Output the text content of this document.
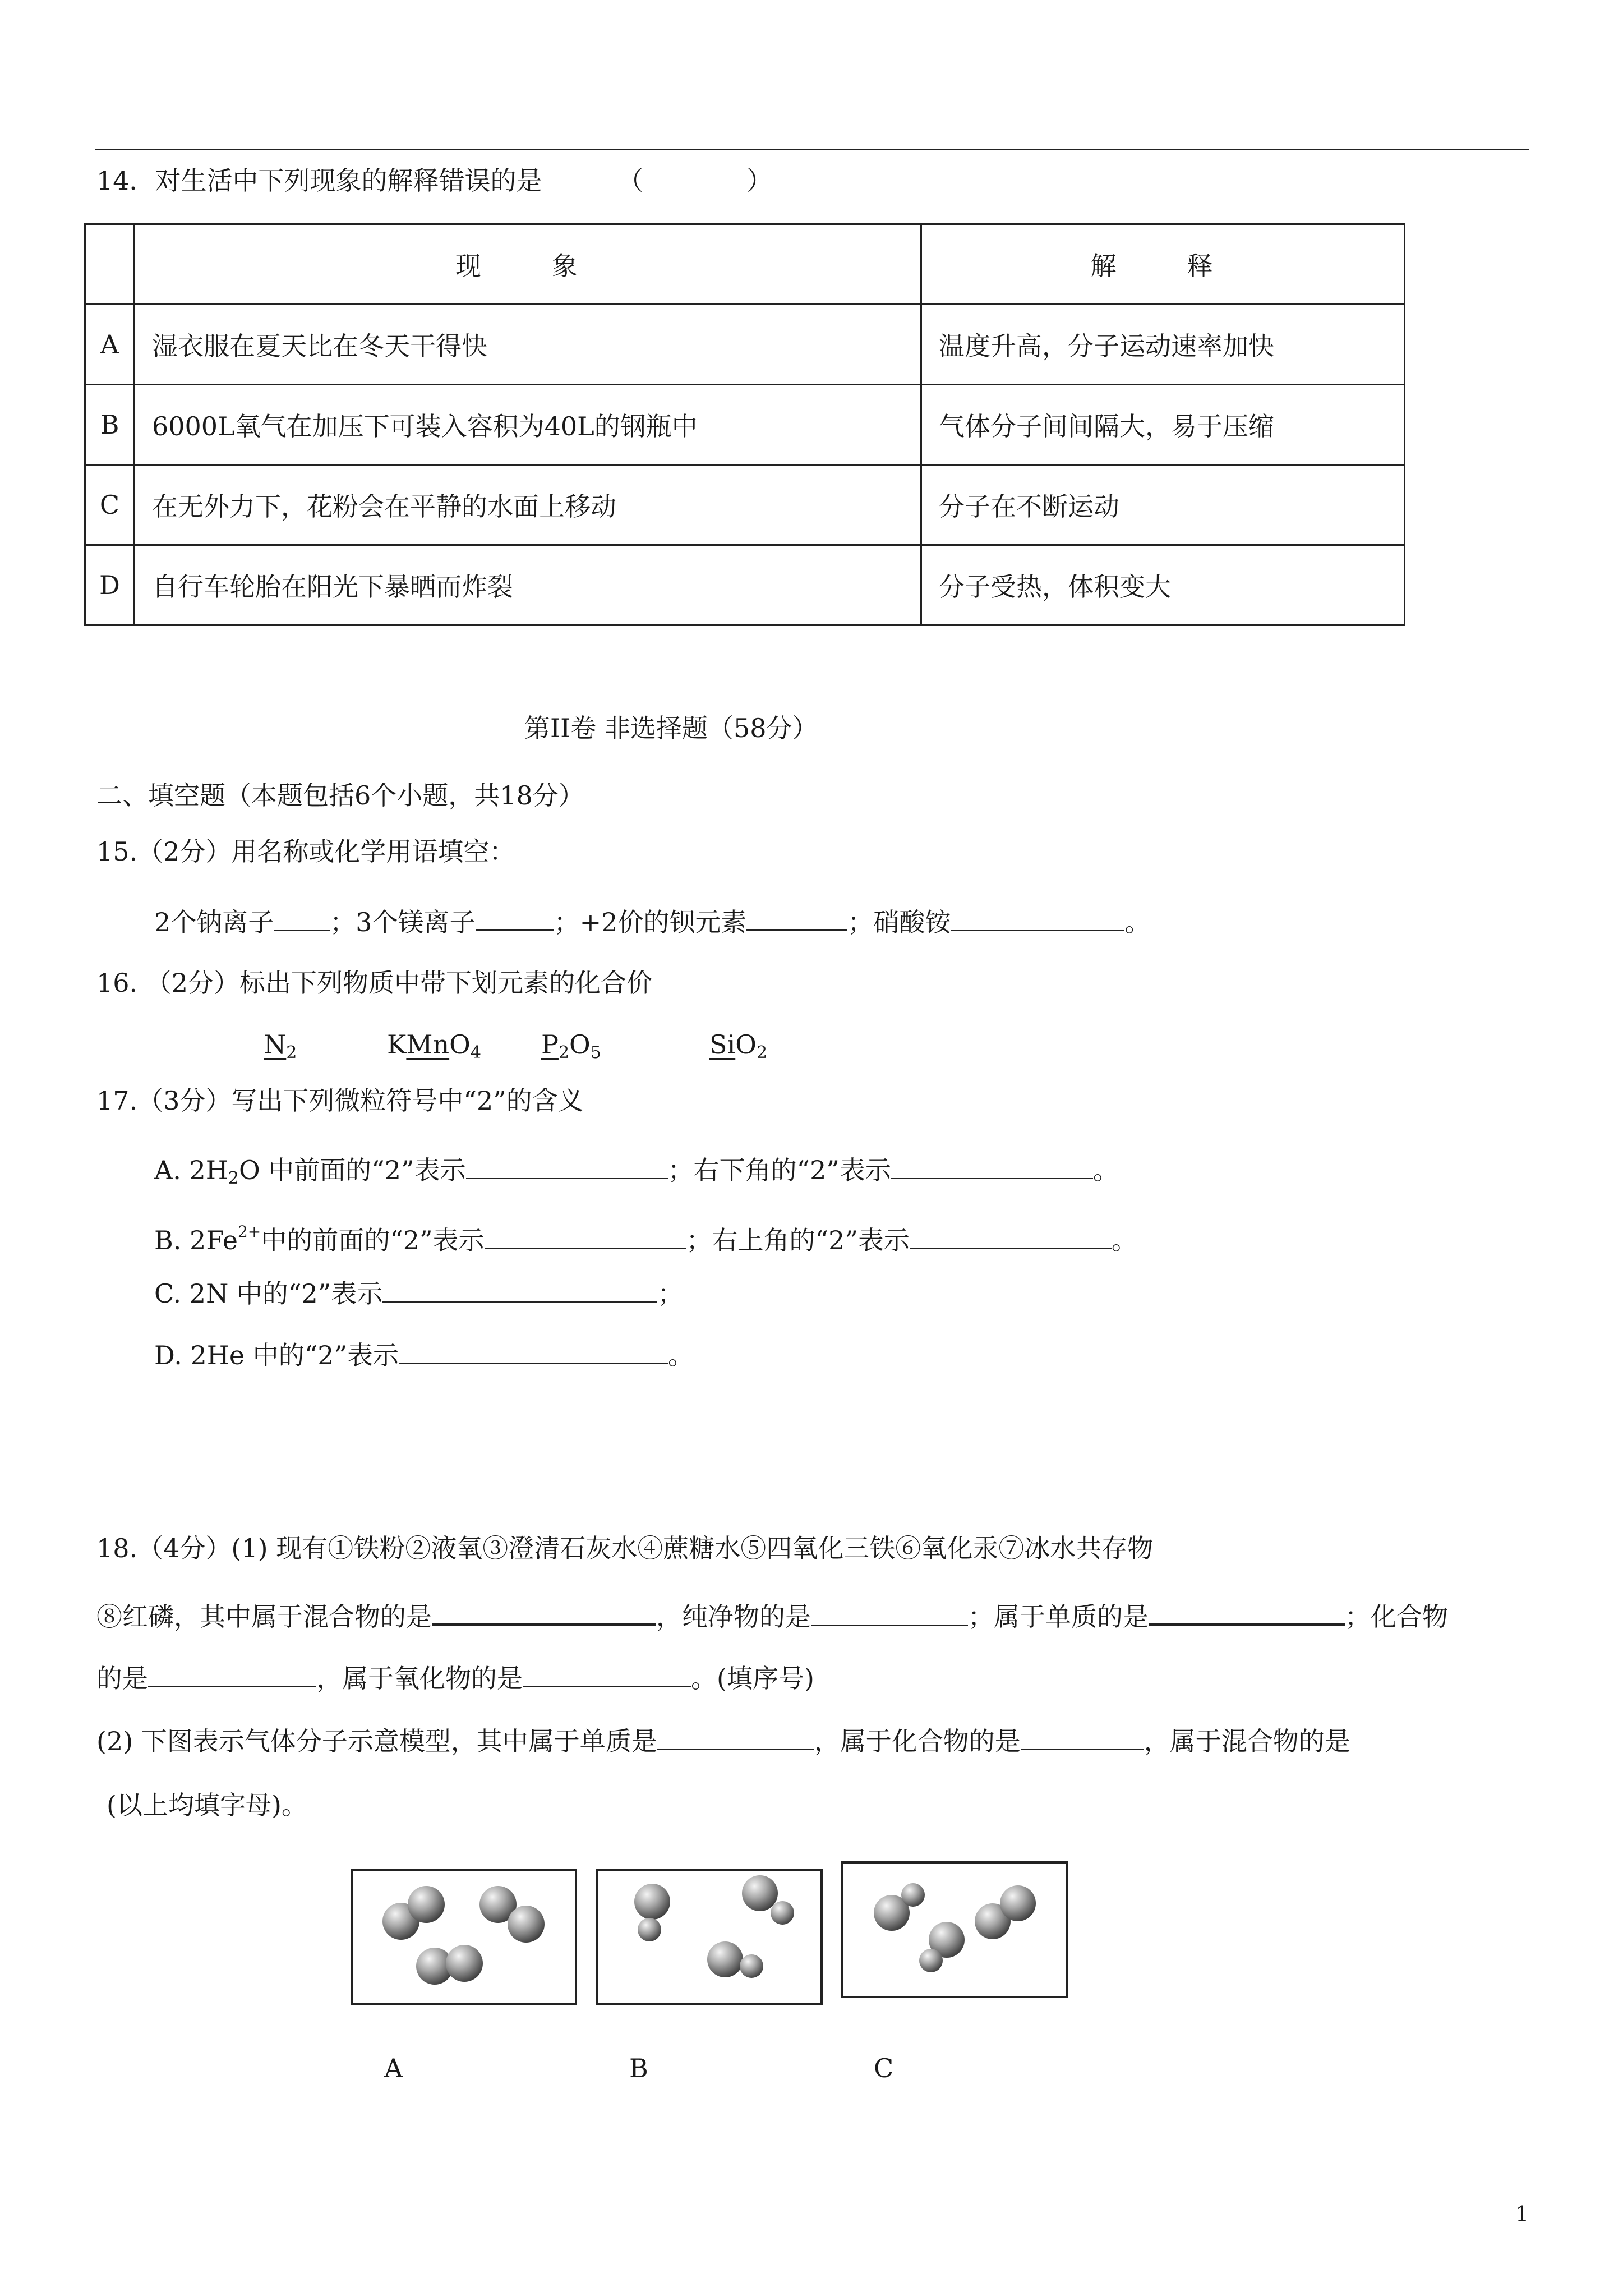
14．对生活中下列现象的解释错误的是	（　　　　）
	现　象	解　释
A	湿衣服在夏天比在冬天干得快	温度升高，分子运动速率加快
B	6000L氧气在加压下可装入容积为40L的钢瓶中	气体分子间间隔大，易于压缩
C	在无外力下，花粉会在平静的水面上移动	分子在不断运动
D	自行车轮胎在阳光下暴晒而炸裂	分子受热，体积变大
第II卷 非选择题（58分）
二、填空题（本题包括6个小题，共18分）
15.（2分）用名称或化学用语填空：
2个钠离子 ；3个镁离子	；+2价的钡元素	；硝酸铵	。
16. （2分）标出下列物质中带下划元素的化合价
$N_2$	KMnO$_4$ $P_2O_5$	SiO$_2$
17.（3分）写出下列微粒符号中“2”的含义
A. $2H_2O$ 中前面的“2”表示	；右下角的“2”表示	。
B. $2Fe^{2+}$中的前面的“2”表示	；右上角的“2”表示	。
C. 2N 中的“2”表示	；
D. 2He 中的“2”表示	。
18.（4分）(1) 现有①铁粉②液氧③澄清石灰水④蔗糖水⑤四氧化三铁⑥氧化汞⑦冰水共存物
⑧红磷，其中属于混合物的是	，纯净物的是	；属于单质的是	；化合物
的是	，属于氧化物的是	。(填序号)
(2) 下图表示气体分子示意模型，其中属于单质是	，属于化合物的是	，属于混合物的是
(以上均填字母)。
A	B	C
1
